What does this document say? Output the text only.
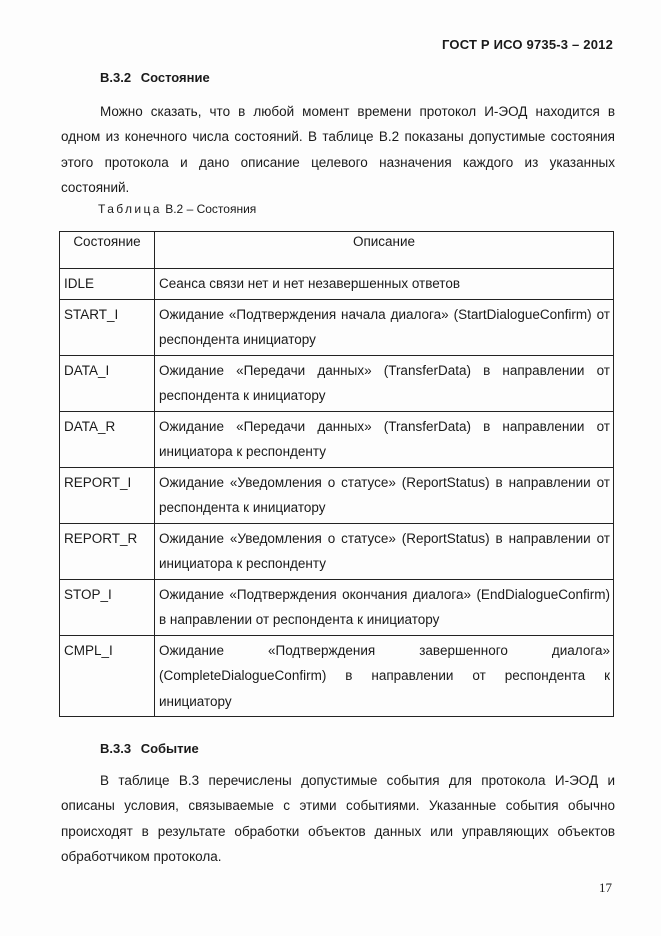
ГОСТ Р ИСО 9735-3 – 2012
B.3.2 Состояние
Можно сказать, что в любой момент времени протокол И-ЭОД находится в одном из конечного числа состояний. В таблице В.2 показаны допустимые состояния этого протокола и дано описание целевого назначения каждого из указанных состояний.
Таблица В.2 – Состояния
Состояние	Описание
IDLE	Сеанса связи нет и нет незавершенных ответов
START_I	Ожидание «Подтверждения начала диалога» (StartDialogueConfirm) от респондента инициатору
DATA_I	Ожидание «Передачи данных» (TransferData) в направлении от респондента к инициатору
DATA_R	Ожидание «Передачи данных» (TransferData) в направлении от инициатора к респонденту
REPORT_I	Ожидание «Уведомления о статусе» (ReportStatus) в направлении от респондента к инициатору
REPORT_R	Ожидание «Уведомления о статусе» (ReportStatus) в направлении от инициатора к респонденту
STOP_I	Ожидание «Подтверждения окончания диалога» (EndDialogueConfirm) в направлении от респондента к инициатору
CMPL_I	Ожидание «Подтверждения завершенного диалога» (CompleteDialogueConfirm) в направлении от респондента к инициатору
B.3.3 Событие
В таблице В.3 перечислены допустимые события для протокола И-ЭОД и описаны условия, связываемые с этими событиями. Указанные события обычно происходят в результате обработки объектов данных или управляющих объектов обработчиком протокола.
17
